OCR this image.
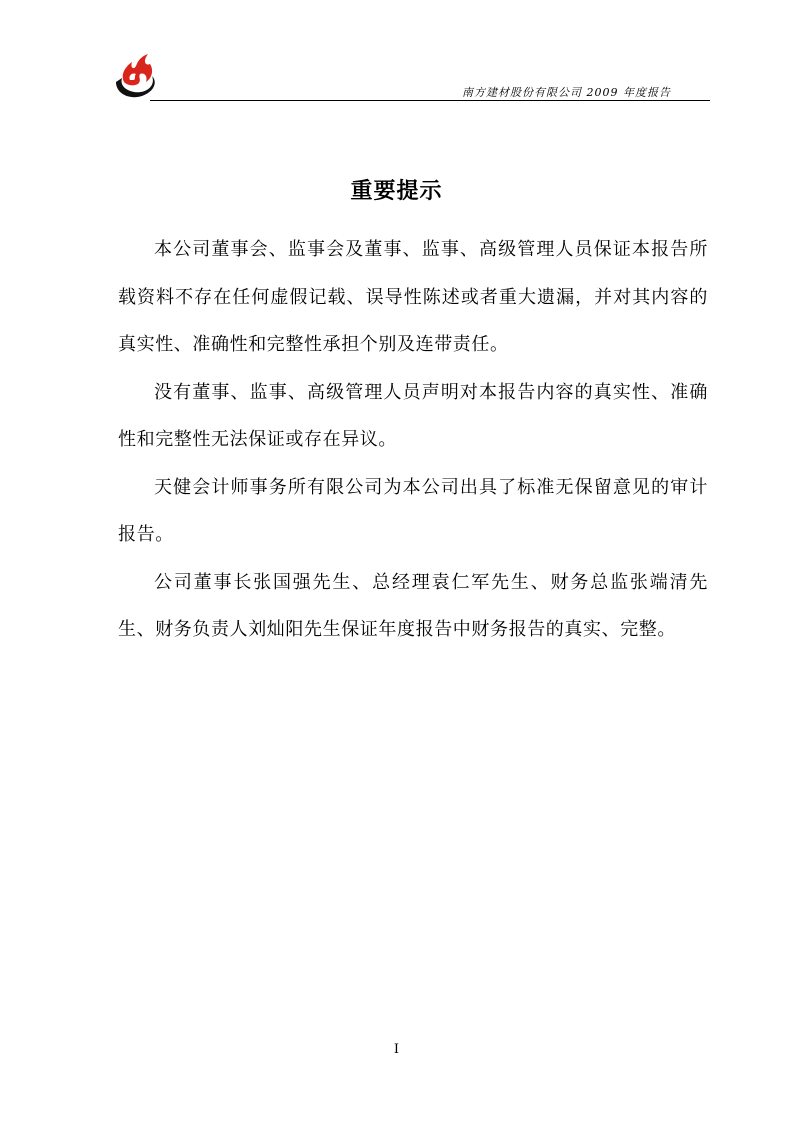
南方建材股份有限公司 2009 年度报告
重要提示

本公司董事会、监事会及董事、监事、高级管理人员保证本报告所载资料不存在任何虚假记载、误导性陈述或者重大遗漏，并对其内容的真实性、准确性和完整性承担个别及连带责任。

没有董事、监事、高级管理人员声明对本报告内容的真实性、准确性和完整性无法保证或存在异议。

天健会计师事务所有限公司为本公司出具了标准无保留意见的审计报告。

公司董事长张国强先生、总经理袁仁军先生、财务总监张端清先生、财务负责人刘灿阳先生保证年度报告中财务报告的真实、完整。

I
